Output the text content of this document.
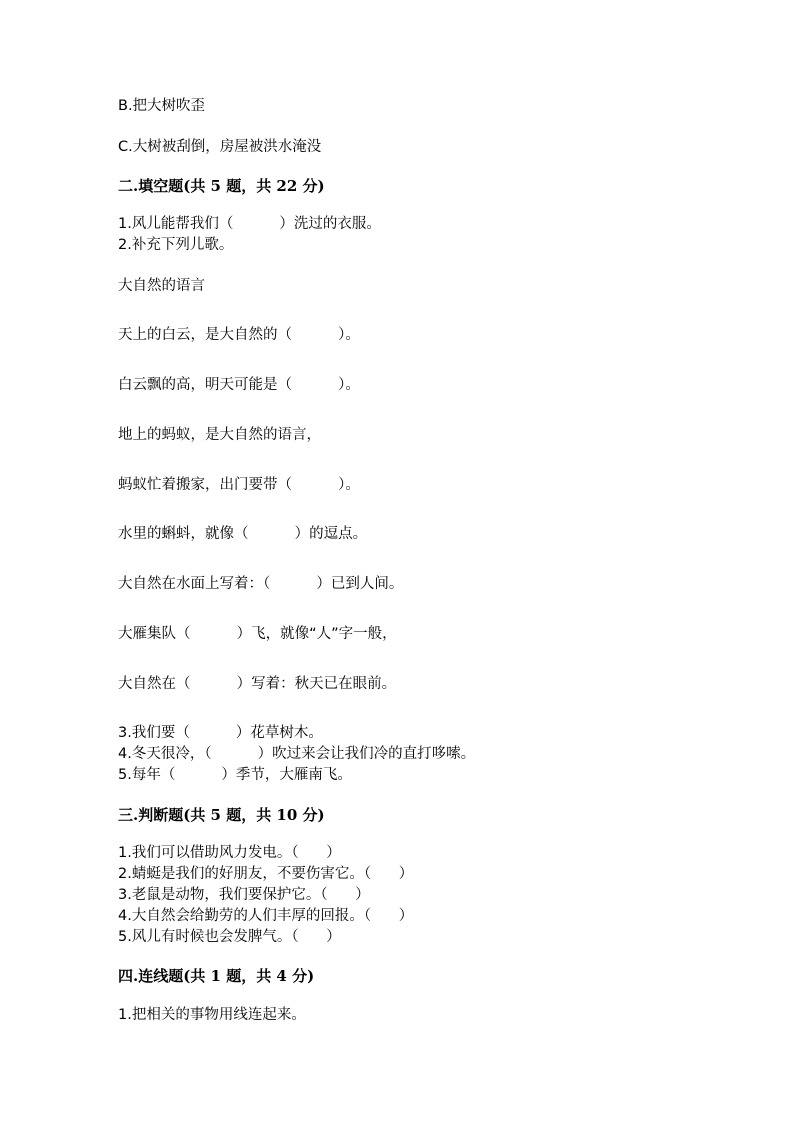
B.把大树吹歪

C.大树被刮倒，房屋被洪水淹没

二.填空题(共 5 题，共 22 分)

1.风儿能帮我们（          ）洗过的衣服。

2.补充下列儿歌。

大自然的语言

天上的白云，是大自然的（          ）。

白云飘的高，明天可能是（          ）。

地上的蚂蚁，是大自然的语言，

蚂蚁忙着搬家，出门要带（          ）。

水里的蝌蚪，就像（          ）的逗点。

大自然在水面上写着：（          ）已到人间。

大雁集队（          ）飞，就像“人”字一般，

大自然在（          ）写着：秋天已在眼前。

3.我们要（          ）花草树木。

4.冬天很冷，（          ）吹过来会让我们冷的直打哆嗦。

5.每年（          ）季节，大雁南飞。

三.判断题(共 5 题，共 10 分)

1.我们可以借助风力发电。（      ）

2.蜻蜓是我们的好朋友，不要伤害它。（      ）

3.老鼠是动物，我们要保护它。（      ）

4.大自然会给勤劳的人们丰厚的回报。（      ）

5.风儿有时候也会发脾气。（      ）

四.连线题(共 1 题，共 4 分)

1.把相关的事物用线连起来。
